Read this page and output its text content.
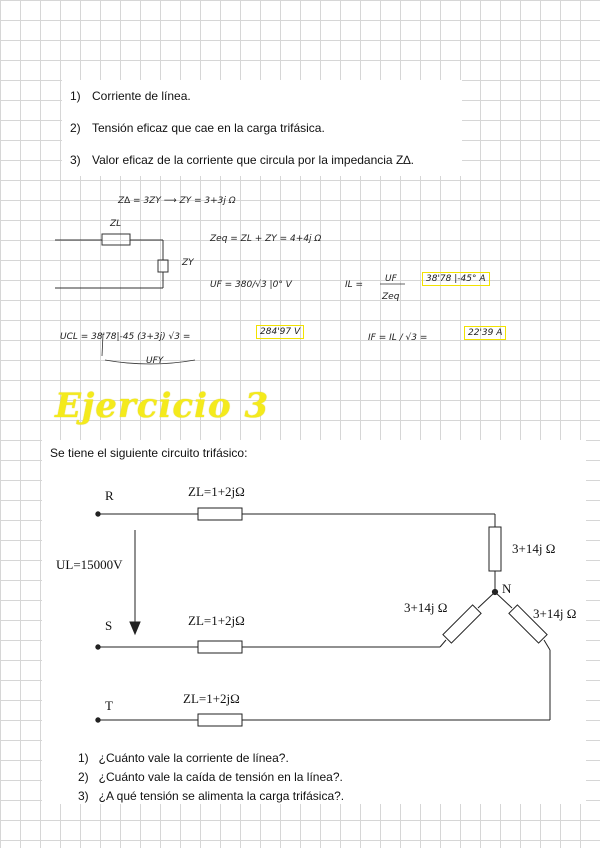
1) Corriente de línea.
2) Tensión eficaz que cae en la carga trifásica.
3) Valor eficaz de la corriente que circula por la impedancia Z∆.
Z∆ = 3ZY ⟶ ZY = 3+3j Ω
ZL
ZY
Zeq = ZL + ZY = 4+4j Ω
UF = 380/√3 |0° V	IL =
UF
Zeq
38'78 |-45° A
UCL = 38'78|-45 (3+3j) √3 =	284'97 V
UFY
IF = IL / √3 =	22'39 A
Ejercicio 3
Se tiene el siguiente circuito trifásico:
R
S
T
ZL=1+2jΩ
ZL=1+2jΩ
ZL=1+2jΩ
UL=15000V
N
3+14j Ω
3+14j Ω	3+14j Ω
1) ¿Cuánto vale la corriente de línea?.
2) ¿Cuánto vale la caída de tensión en la línea?.
3) ¿A qué tensión se alimenta la carga trifásica?.
